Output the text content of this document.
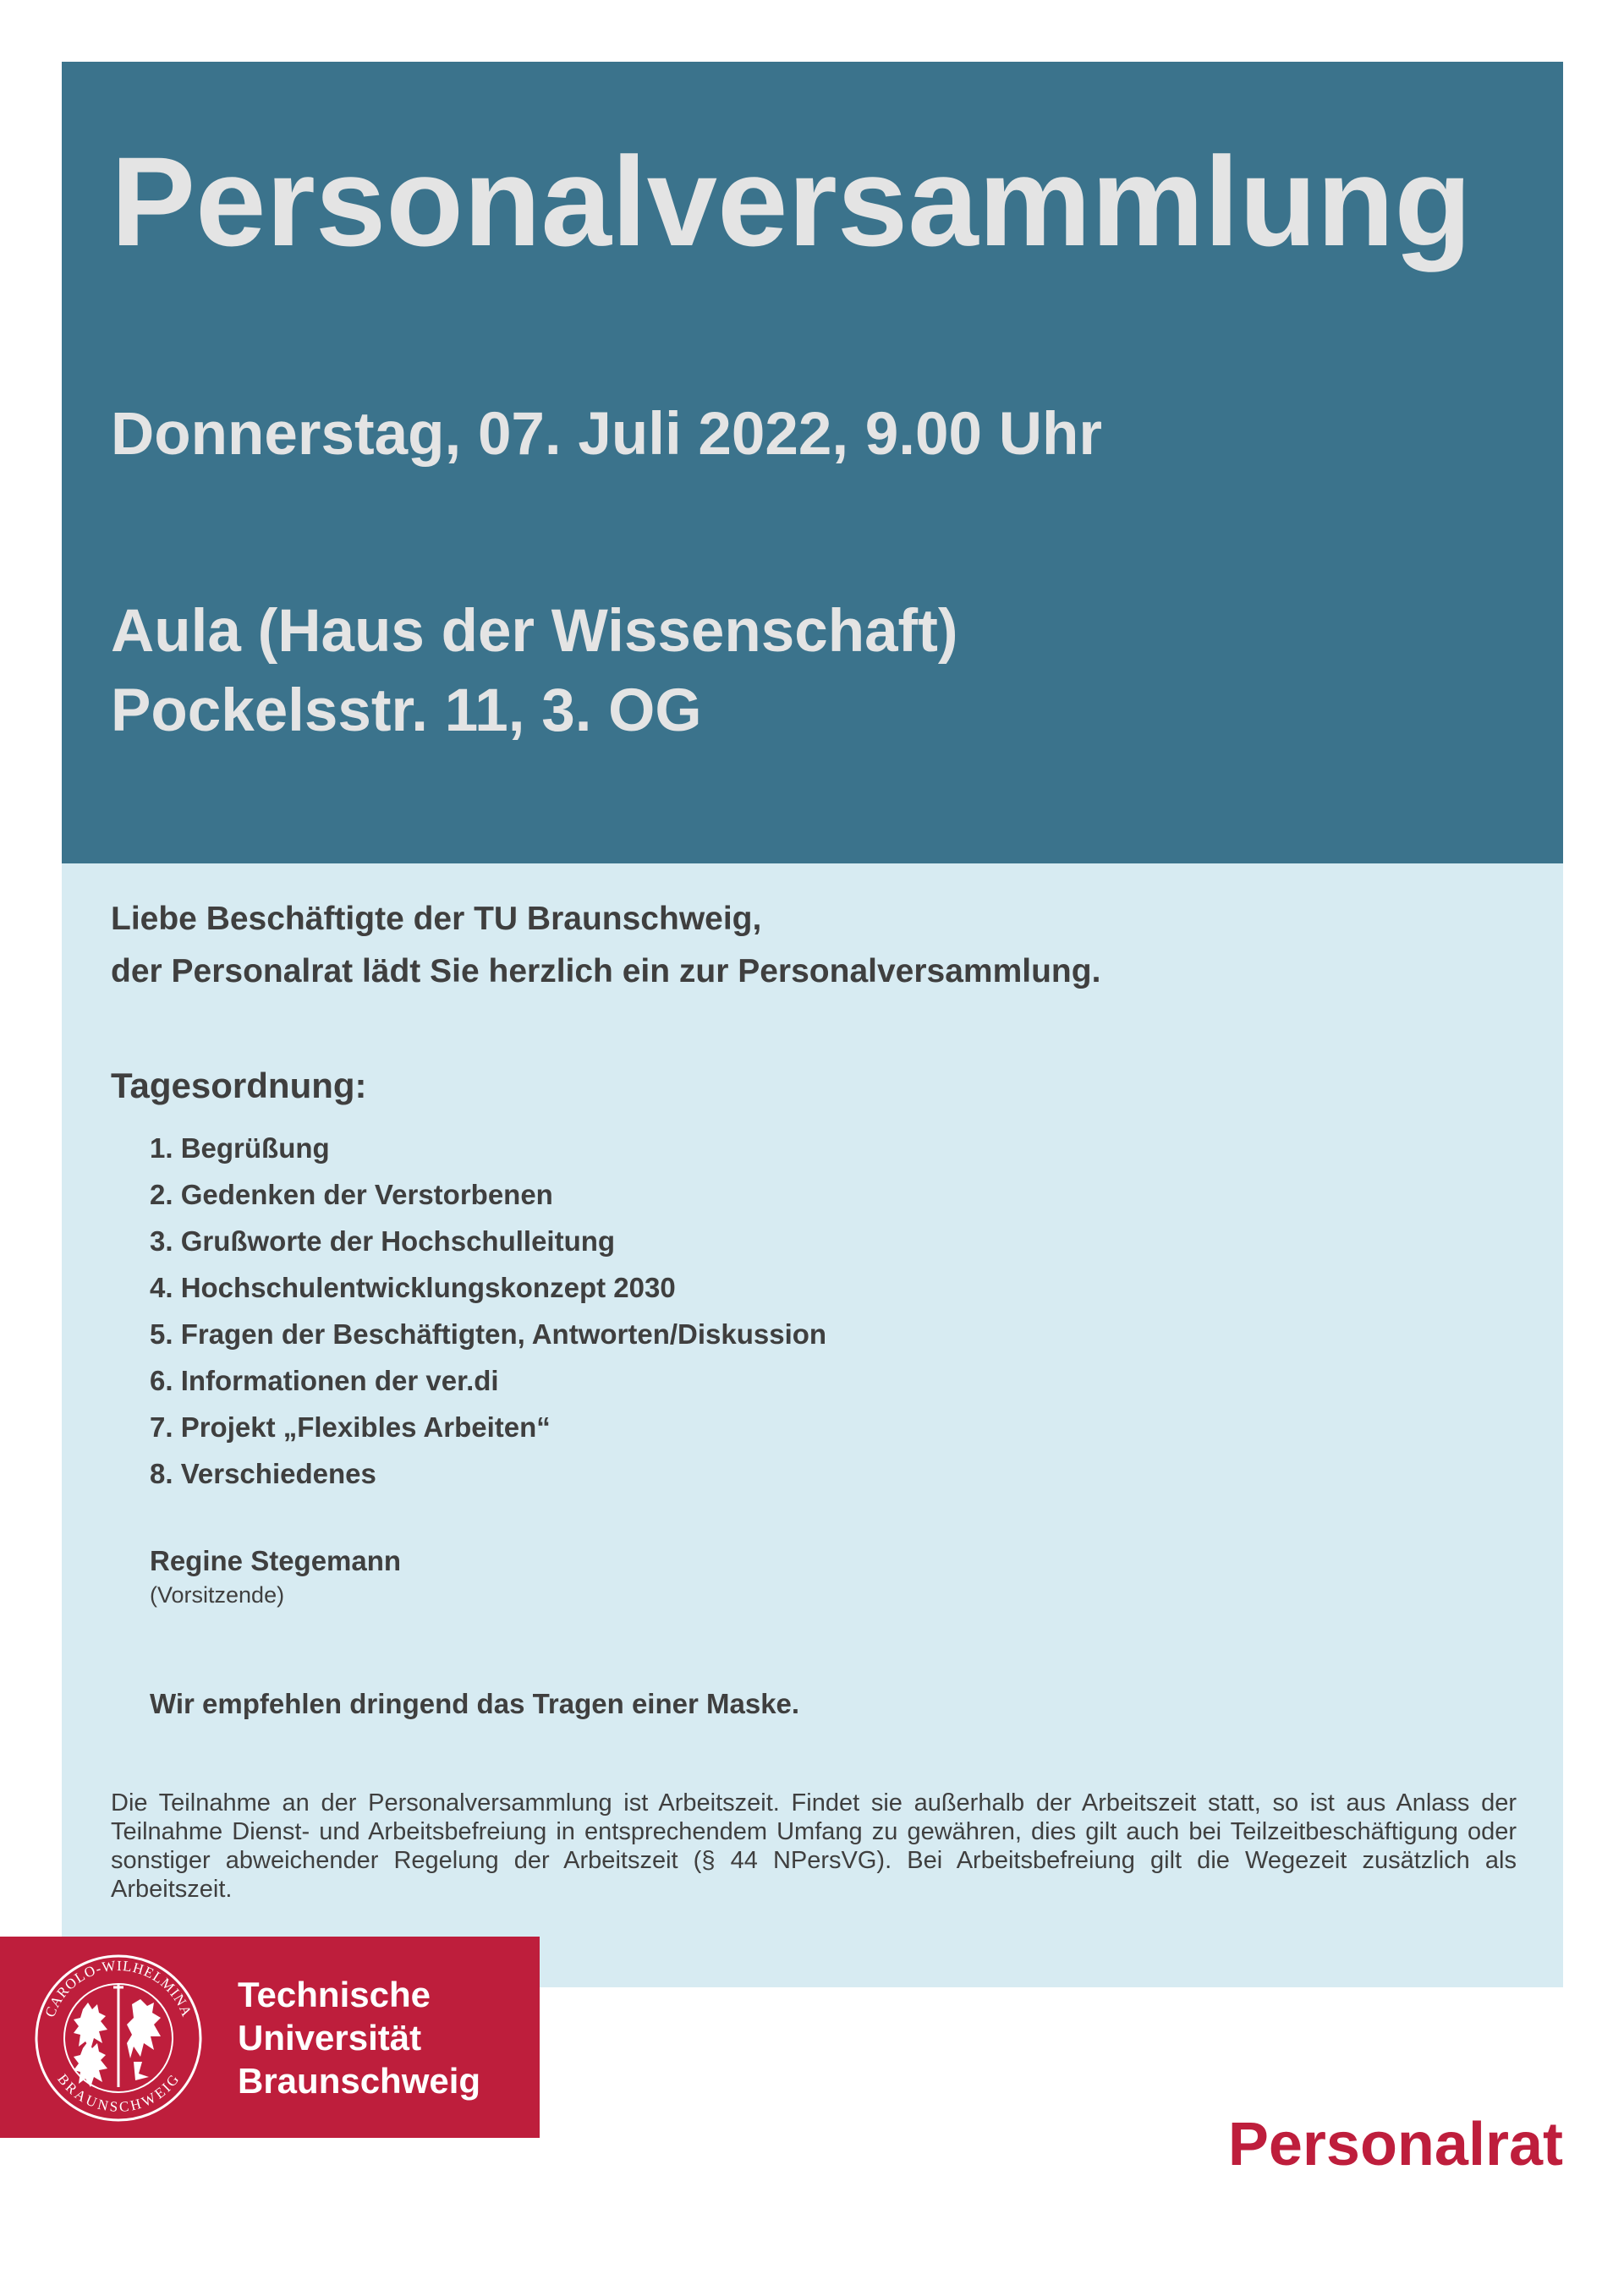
Personalversammlung
Donnerstag, 07. Juli 2022, 9.00 Uhr
Aula (Haus der Wissenschaft)
Pockelsstr. 11, 3. OG

Liebe Beschäftigte der TU Braunschweig,

der Personalrat lädt Sie herzlich ein zur Personalversammlung.

Tagesordnung:
1. Begrüßung
2. Gedenken der Verstorbenen
3. Grußworte der Hochschulleitung
4. Hochschulentwicklungskonzept 2030
5. Fragen der Beschäftigten, Antworten/Diskussion
6. Informationen der ver.di
7. Projekt „Flexibles Arbeiten“
8. Verschiedenes

Regine Stegemann

(Vorsitzende)

Wir empfehlen dringend das Tragen einer Maske.

Die Teilnahme an der Personalversammlung ist Arbeitszeit. Findet sie außerhalb der Arbeitszeit statt, so ist aus Anlass der Teilnahme Dienst- und Arbeitsbefreiung in entsprechendem Umfang zu gewähren, dies gilt auch bei Teilzeitbeschäftigung oder sonstiger abweichender Regelung der Arbeitszeit (§ 44 NPersVG). Bei Arbeitsbefreiung gilt die Wegezeit zusätzlich als Arbeitszeit.

CAROLO-WILHELMINA
BRAUNSCHWEIG

Technische
Universität
Braunschweig

Personalrat
